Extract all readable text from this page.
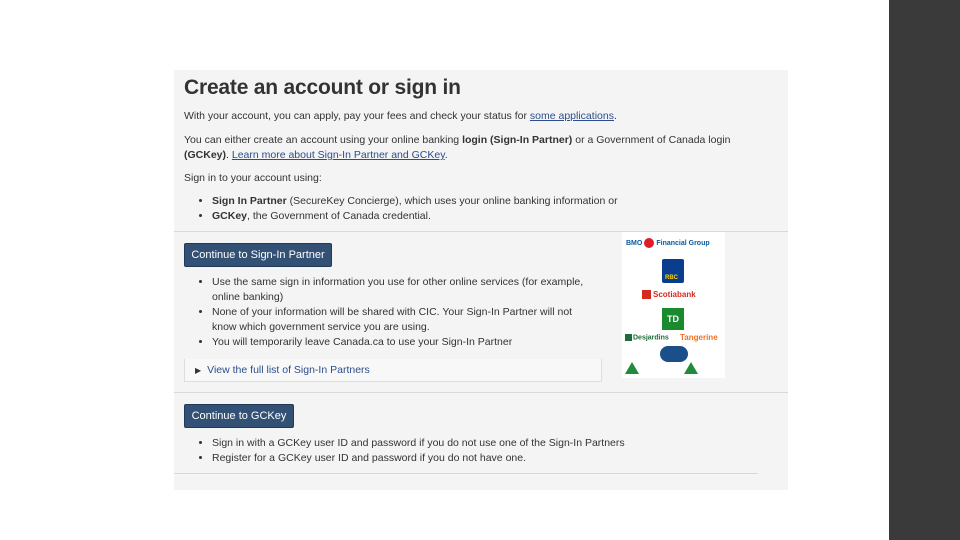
Create an account or sign in

With your account, you can apply, pay your fees and check your status for some applications.

You can either create an account using your online banking login (Sign-In Partner) or a Government of Canada login
(GCKey). Learn more about Sign-In Partner and GCKey.

Sign in to your account using:

• Sign In Partner (SecureKey Concierge), which uses your online banking information or
• GCKey, the Government of Canada credential.
Continue to Sign-In Partner
• Use the same sign in information you use for other online services (for example,
online banking)
• None of your information will be shared with CIC. Your Sign-In Partner will not
know which government service you are using.
• You will temporarily leave Canada.ca to use your Sign-In Partner
▶ View the full list of Sign-In Partners
BMO Financial Group
RBC
Scotiabank
TD
Desjardins Tangerine
Continue to GCKey
• Sign in with a GCKey user ID and password if you do not use one of the Sign-In Partners
• Register for a GCKey user ID and password if you do not have one.
